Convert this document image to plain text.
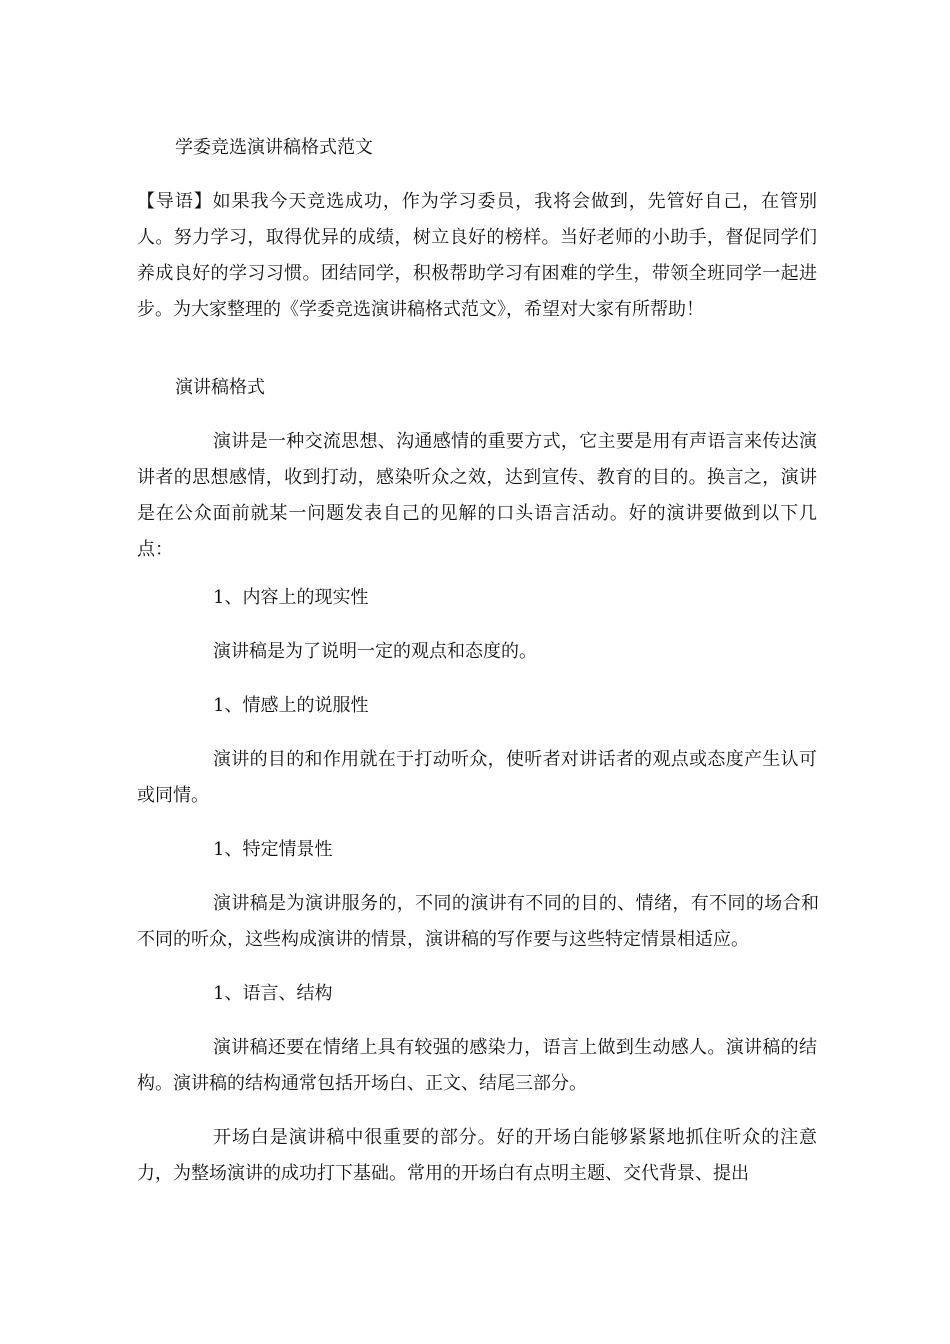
学委竞选演讲稿格式范文

【导语】如果我今天竞选成功，作为学习委员，我将会做到，先管好自己，在管别人。努力学习，取得优异的成绩，树立良好的榜样。当好老师的小助手，督促同学们养成良好的学习习惯。团结同学，积极帮助学习有困难的学生，带领全班同学一起进步。为大家整理的《学委竞选演讲稿格式范文》，希望对大家有所帮助！

演讲稿格式

演讲是一种交流思想、沟通感情的重要方式，它主要是用有声语言来传达演讲者的思想感情，收到打动，感染听众之效，达到宣传、教育的目的。换言之，演讲是在公众面前就某一问题发表自己的见解的口头语言活动。好的演讲要做到以下几点：

1、内容上的现实性

演讲稿是为了说明一定的观点和态度的。

1、情感上的说服性

演讲的目的和作用就在于打动听众，使听者对讲话者的观点或态度产生认可或同情。

1、特定情景性

演讲稿是为演讲服务的，不同的演讲有不同的目的、情绪，有不同的场合和不同的听众，这些构成演讲的情景，演讲稿的写作要与这些特定情景相适应。

1、语言、结构

演讲稿还要在情绪上具有较强的感染力，语言上做到生动感人。演讲稿的结构。演讲稿的结构通常包括开场白、正文、结尾三部分。

开场白是演讲稿中很重要的部分。好的开场白能够紧紧地抓住听众的注意力，为整场演讲的成功打下基础。常用的开场白有点明主题、交代背景、提出
